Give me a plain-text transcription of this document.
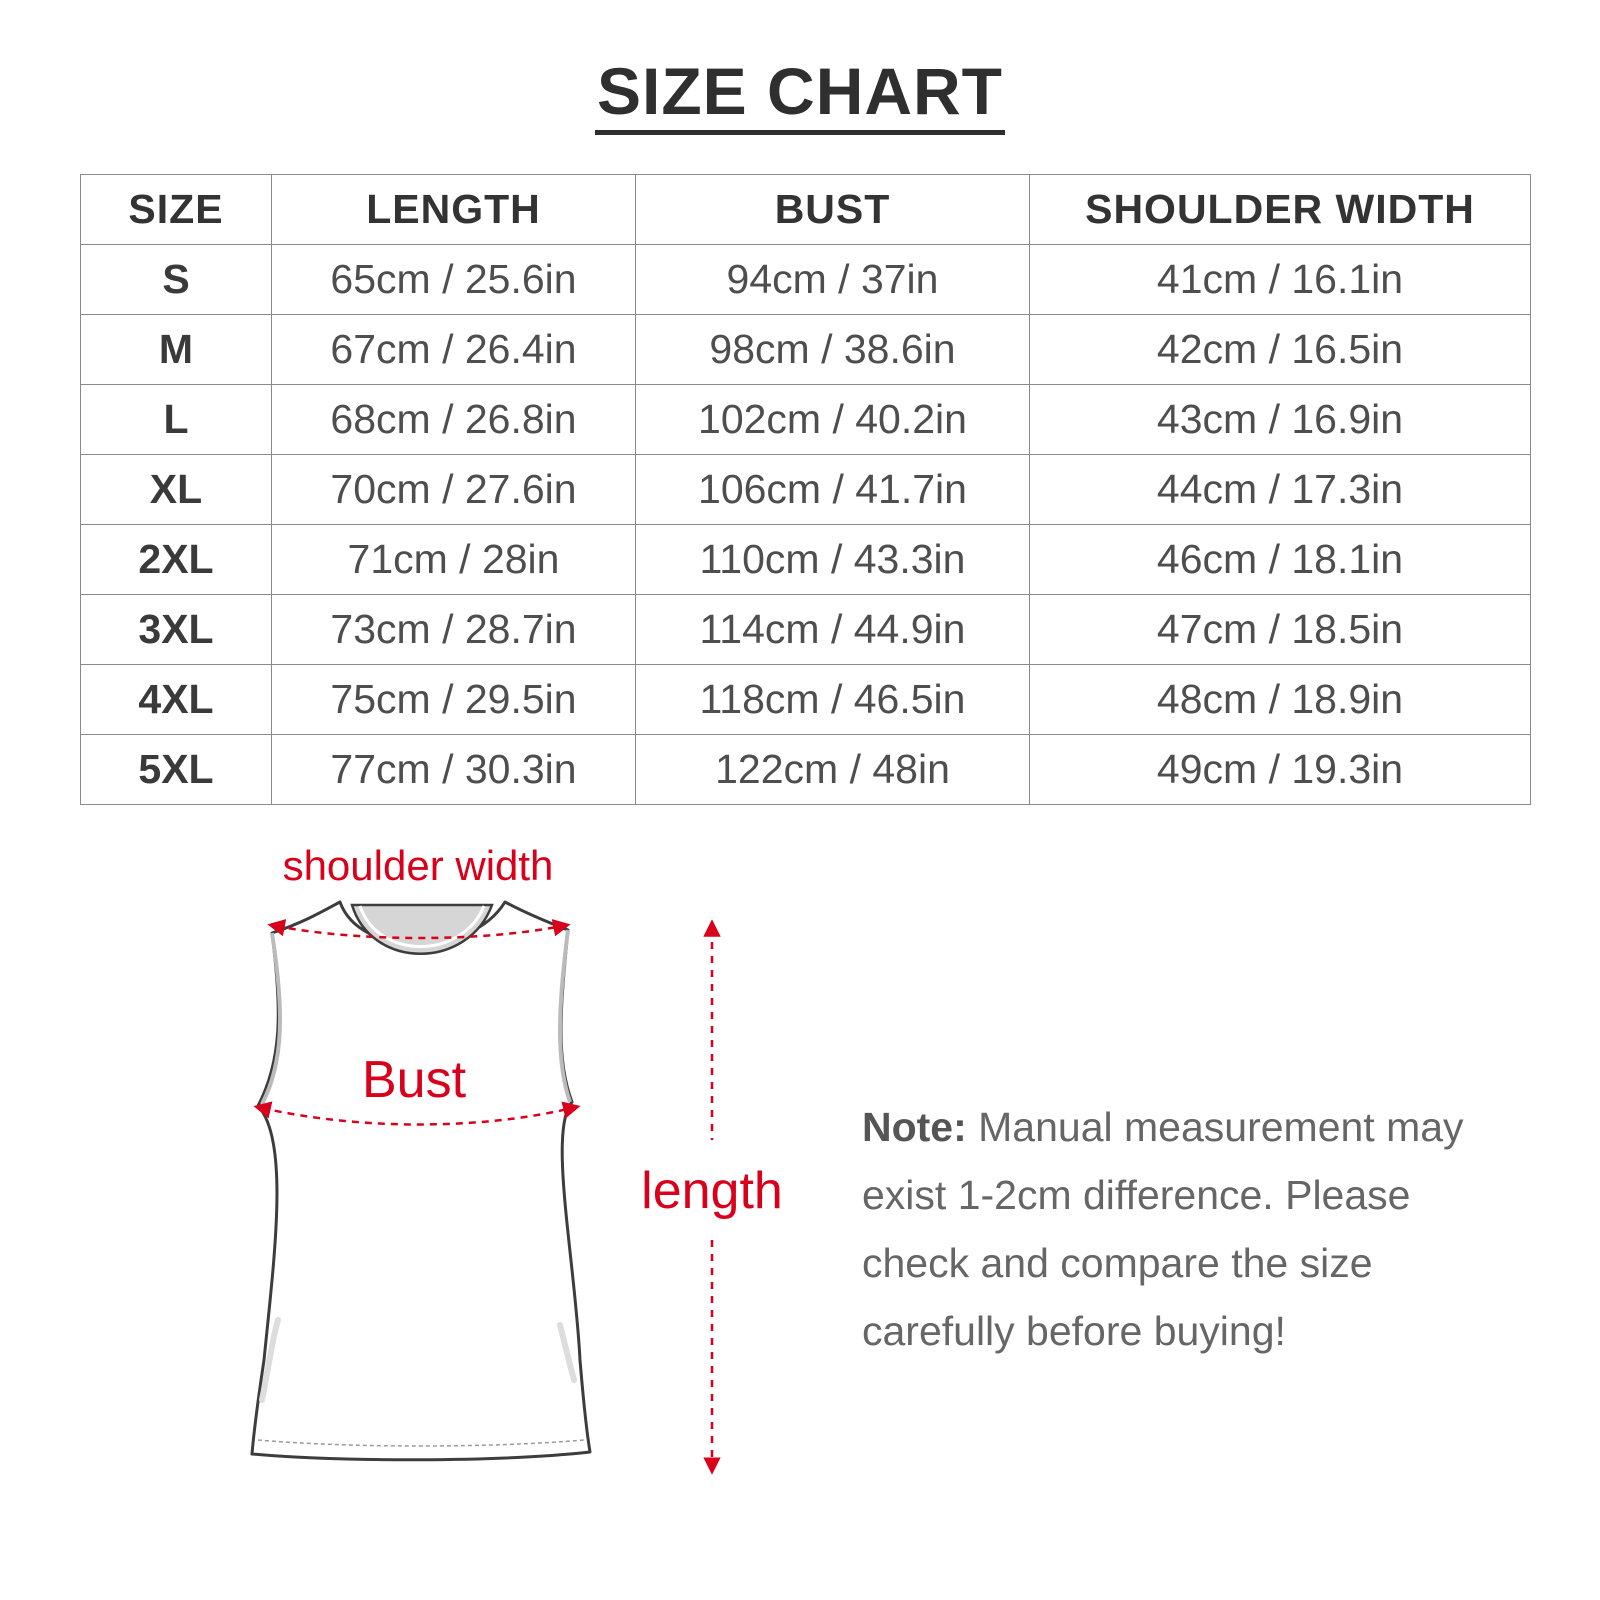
SIZE CHART
SIZE	LENGTH	BUST	SHOULDER WIDTH
S	65cm / 25.6in	94cm / 37in	41cm / 16.1in
M	67cm / 26.4in	98cm / 38.6in	42cm / 16.5in
L	68cm / 26.8in	102cm / 40.2in	43cm / 16.9in
XL	70cm / 27.6in	106cm / 41.7in	44cm / 17.3in
2XL	71cm / 28in	110cm / 43.3in	46cm / 18.1in
3XL	73cm / 28.7in	114cm / 44.9in	47cm / 18.5in
4XL	75cm / 29.5in	118cm / 46.5in	48cm / 18.9in
5XL	77cm / 30.3in	122cm / 48in	49cm / 19.3in
shoulder width
Bust
length

Note: Manual measurement may exist 1-2cm difference. Please check and compare the size carefully before buying!
